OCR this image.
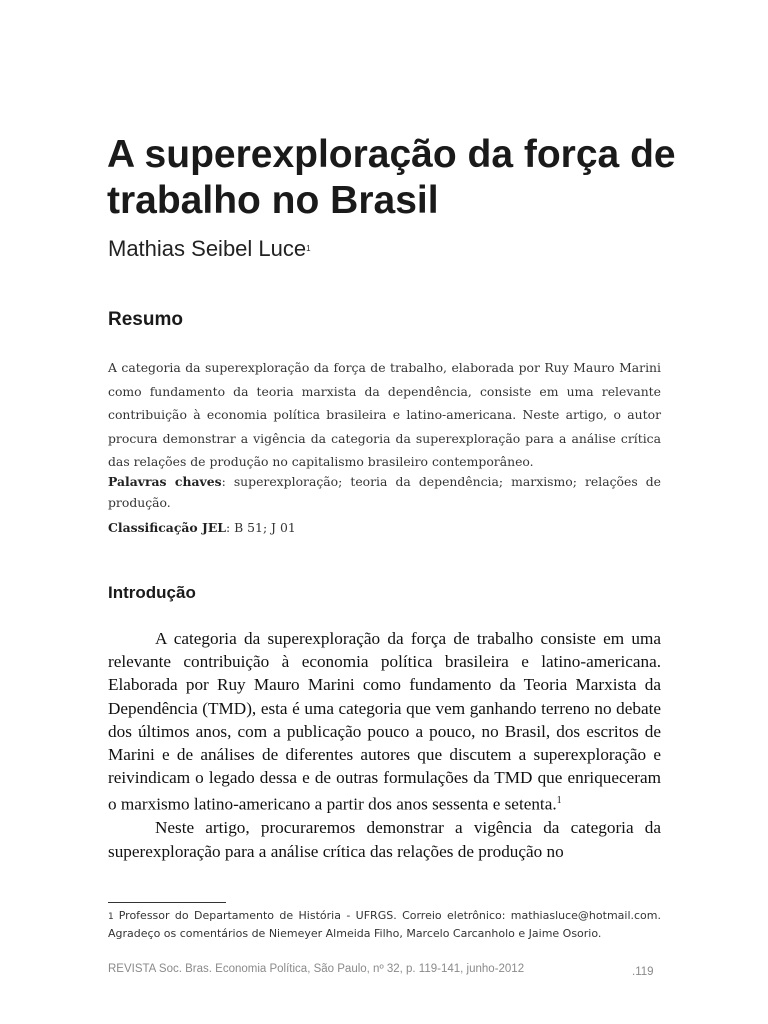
A superexploração da força de trabalho no Brasil
Mathias Seibel Luce$^1$
Resumo

A categoria da superexploração da força de trabalho, elaborada por Ruy Mauro Marini como fundamento da teoria marxista da dependência, consiste em uma relevante contribuição à economia política brasileira e latino-americana. Neste artigo, o autor procura demonstrar a vigência da categoria da superexploração para a análise crítica das relações de produção no capitalismo brasileiro contemporâneo.

Palavras chaves: superexploração; teoria da dependência; marxismo; relações de produção.

Classificação JEL: B 51; J 01

Introdução

A categoria da superexploração da força de trabalho consiste em uma relevante contribuição à economia política brasileira e latino-americana. Elaborada por Ruy Mauro Marini como fundamento da Teoria Marxista da Dependência (TMD), esta é uma categoria que vem ganhando terreno no debate dos últimos anos, com a publicação pouco a pouco, no Brasil, dos escritos de Marini e de análises de diferentes autores que discutem a superexploração e reivindicam o legado dessa e de outras formulações da TMD que enriqueceram o marxismo latino-americano a partir dos anos sessenta e setenta.$^1$

Neste artigo, procuraremos demonstrar a vigência da categoria da superexploração para a análise crítica das relações de produção no

1 Professor do Departamento de História - UFRGS. Correio eletrônico: mathiasluce@hotmail.com. Agradeço os comentários de Niemeyer Almeida Filho, Marcelo Carcanholo e Jaime Osorio.

REVISTA Soc. Bras. Economia Política, São Paulo, nº 32, p. 119-141, junho-2012	.119
